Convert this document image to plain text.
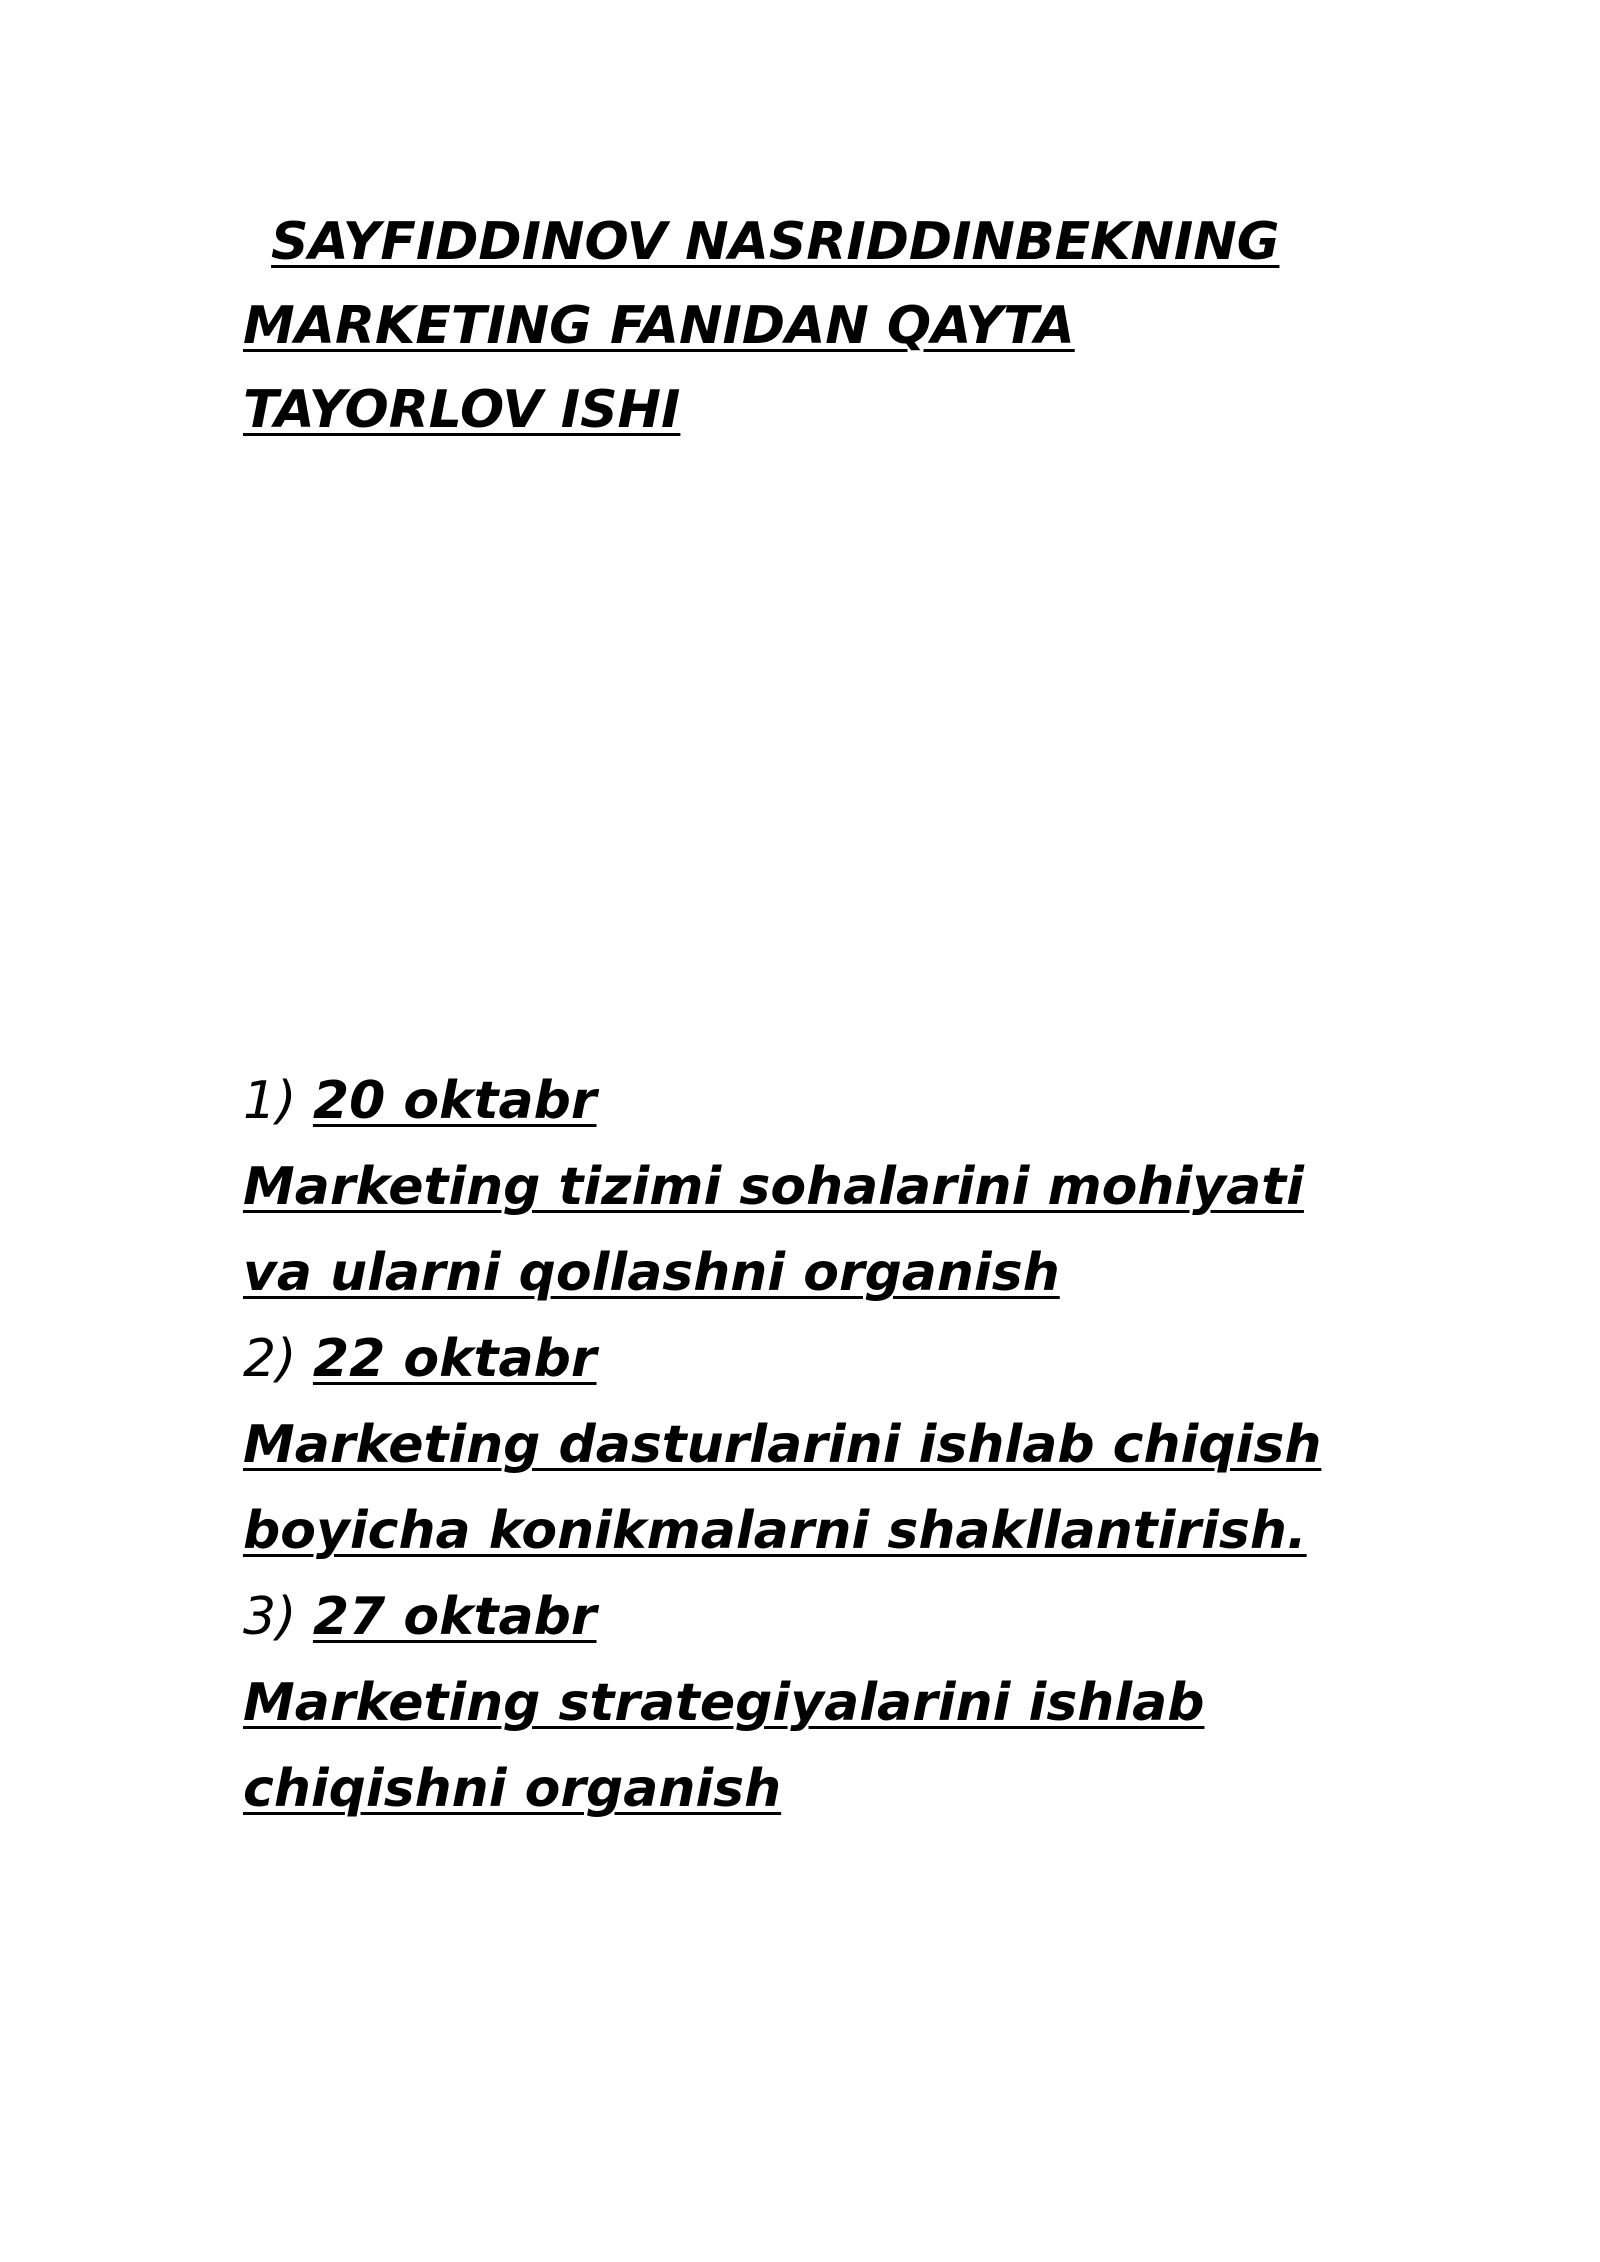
SAYFIDDINOV NASRIDDINBEKNING
MARKETING FANIDAN QAYTA
TAYORLOV ISHI
1) 20 oktabr
Marketing tizimi sohalarini mohiyati
va ularni qollashni organish
2) 22 oktabr
Marketing dasturlarini ishlab chiqish
boyicha konikmalarni shakllantirish.
3) 27 oktabr
Marketing strategiyalarini ishlab
chiqishni organish
